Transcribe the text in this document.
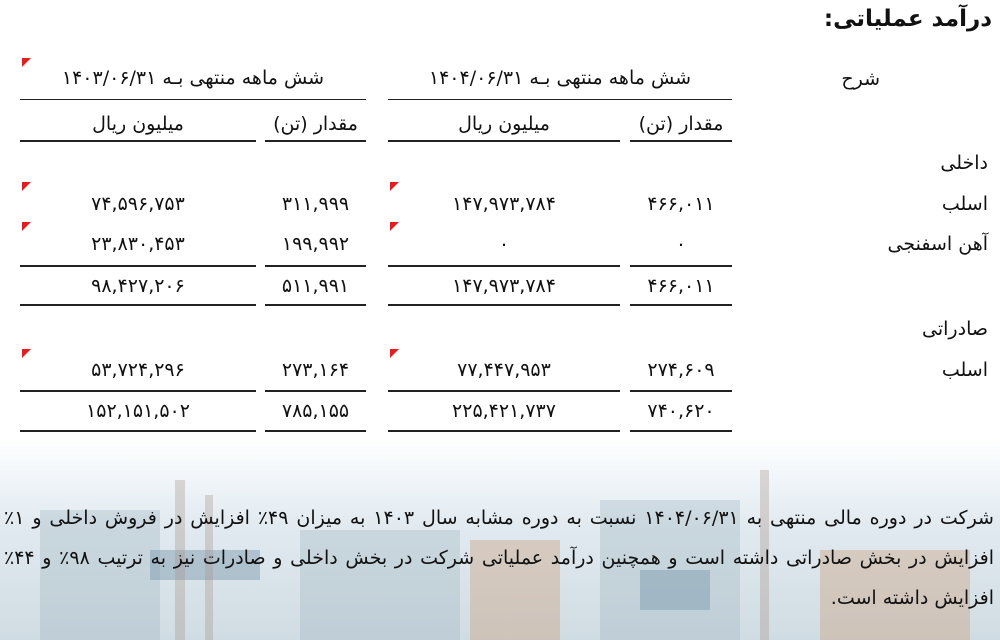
درآمد عملیاتی:
شرح
شش ماهه منتهی بـه ۱۴۰۴/۰۶/۳۱
شش ماهه منتهی بـه ۱۴۰۳/۰۶/۳۱
مقدار (تن)
میلیون ریال
مقدار (تن)
میلیون ریال
داخلی
اسلب
۴۶۶,۰۱۱
۱۴۷,۹۷۳,۷۸۴
۳۱۱,۹۹۹
۷۴,۵۹۶,۷۵۳
آهن اسفنجی
۰
۰
۱۹۹,۹۹۲
۲۳,۸۳۰,۴۵۳
۴۶۶,۰۱۱
۱۴۷,۹۷۳,۷۸۴
۵۱۱,۹۹۱
۹۸,۴۲۷,۲۰۶
صادراتی
اسلب
۲۷۴,۶۰۹
۷۷,۴۴۷,۹۵۳
۲۷۳,۱۶۴
۵۳,۷۲۴,۲۹۶
۷۴۰,۶۲۰
۲۲۵,۴۲۱,۷۳۷
۷۸۵,۱۵۵
۱۵۲,۱۵۱,۵۰۲
شرکت در دوره مالی منتهی به ۱۴۰۴/۰۶/۳۱ نسبت به دوره مشابه سال ۱۴۰۳ به میزان ۴۹٪ افزایش در فروش داخلی و ۱٪ افزایش در بخش صادراتی داشته است و همچنین درآمد عملیاتی شرکت در بخش داخلی و صادرات نیز به ترتیب ۹۸٪ و ۴۴٪ افزایش داشته است.
